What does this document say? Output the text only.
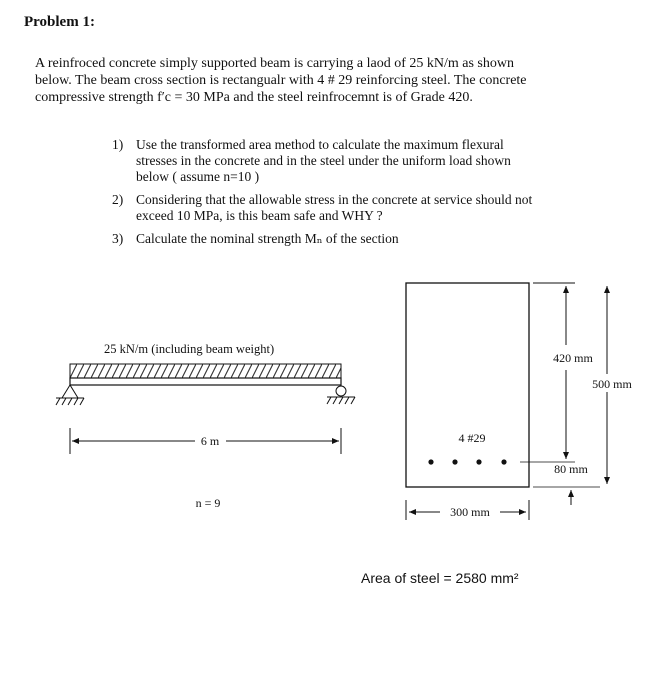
Problem 1:
A reinfroced concrete simply supported beam is carrying a laod of 25 kN/m as shown
below. The beam cross section is rectangualr with 4 # 29 reinforcing steel. The concrete
compressive strength f′c = 30 MPa and the steel reinfrocemnt is of Grade 420.
1) Use the transformed area method to calculate the maximum flexural
stresses in the concrete and in the steel under the uniform load shown
below ( assume n=10 )
2) Considering that the allowable stress in the concrete at service should not
exceed 10 MPa, is this beam safe and WHY ?
3) Calculate the nominal strength Mₙ of the section
25 kN/m (including beam weight)
6 m
n = 9
4 #29
420 mm
500 mm
80 mm
300 mm
Area of steel = 2580 mm²
